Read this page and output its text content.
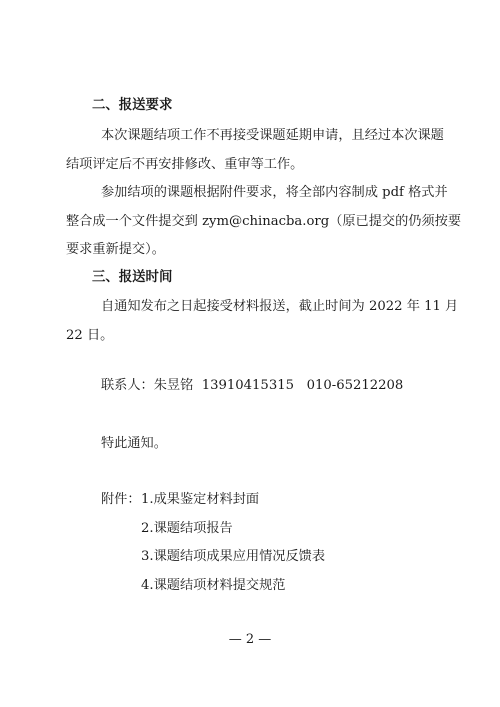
二、报送要求
本次课题结项工作不再接受课题延期申请，且经过本次课题
结项评定后不再安排修改、重审等工作。
参加结项的课题根据附件要求，将全部内容制成 pdf 格式并
整合成一个文件提交到 zym@chinacba.org（原已提交的仍须按要
要求重新提交）。
三、报送时间
自通知发布之日起接受材料报送，截止时间为 2022 年 11 月
22 日。
联系人：朱昱铭  13910415315   010-65212208
特此通知。
附件： 1.成果鉴定材料封面
2.课题结项报告
3.课题结项成果应用情况反馈表
4.课题结项材料提交规范
— 2 —
